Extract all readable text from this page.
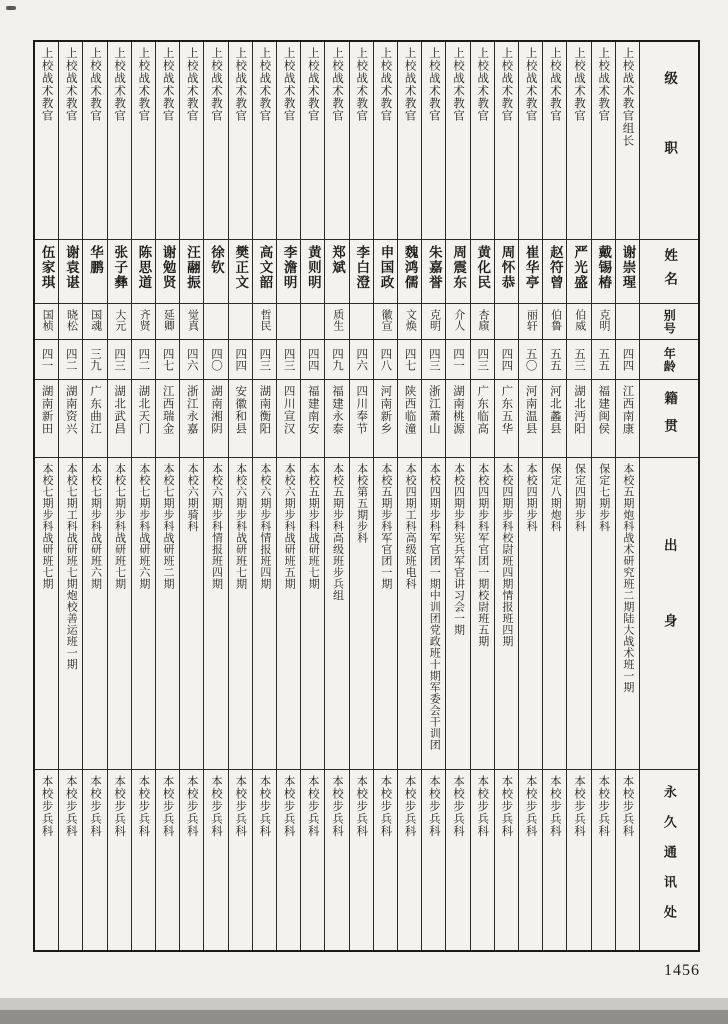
级职
姓名
别号
年龄
籍贯
出身
永久通讯处
上校战术教官组长
谢崇瑆
四四
江西南康
本校五期炮科战术研究班二期陆大战术班一期
本校步兵科
上校战术教官
戴锡椿
克明
五五
福建闽侯
保定七期步科
本校步兵科
上校战术教官
严光盛
伯威
五三
湖北沔阳
保定四期步科
本校步兵科
上校战术教官
赵符曾
伯鲁
五五
河北蠡县
保定八期炮科
本校步兵科
上校战术教官
崔华亭
丽轩
五〇
河南温县
本校四期步科
本校步兵科
上校战术教官
周怀恭
四四
广东五华
本校四期步科校尉班四期情报班四期
本校步兵科
上校战术教官
黄化民
杏庼
四三
广东临高
本校四期步科军官团一期校尉班五期
本校步兵科
上校战术教官
周震东
介人
四一
湖南桃源
本校四期步科宪兵军官讲习会一期
本校步兵科
上校战术教官
朱嘉誉
克明
四三
浙江萧山
本校四期步科军官团一期中训团党政班十期军委会干训团
本校步兵科
上校战术教官
魏鸿儒
文焕
四七
陕西临潼
本校四期工科高级班电科
本校步兵科
上校战术教官
申国政
徽宣
四八
河南新乡
本校五期步科军官团一期
本校步兵科
上校战术教官
李白澄
四六
四川奉节
本校第五期步科
本校步兵科
上校战术教官
郑斌
质生
四九
福建永泰
本校五期步科高级班步兵组
本校步兵科
上校战术教官
黄则明
四四
福建南安
本校五期步科战研班七期
本校步兵科
上校战术教官
李澹明
四三
四川宣汉
本校六期步科战研班五期
本校步兵科
上校战术教官
高文韶
哲民
四三
湖南衡阳
本校六期步科情报班四期
本校步兵科
上校战术教官
樊正文
四四
安徽和县
本校六期步科战研班七期
本校步兵科
上校战术教官
徐钦
四〇
湖南湘阴
本校六期步科情报班四期
本校步兵科
上校战术教官
汪翮振
觉真
四六
浙江永嘉
本校六期骑科
本校步兵科
上校战术教官
谢勉贤
延卿
四七
江西瑞金
本校七期步科战研班二期
本校步兵科
上校战术教官
陈思道
齐贤
四二
湖北天门
本校七期步科战研班六期
本校步兵科
上校战术教官
张子彝
大元
四三
湖北武昌
本校七期步科战研班七期
本校步兵科
上校战术教官
华鹏
国魂
三九
广东曲江
本校七期步科战研班六期
本校步兵科
上校战术教官
谢袁谌
晓松
四二
湖南资兴
本校七期工科战研班七期炮校善运班一期
本校步兵科
上校战术教官
伍家琪
国桢
四一
湖南新田
本校七期步科战研班七期
本校步兵科
1456
